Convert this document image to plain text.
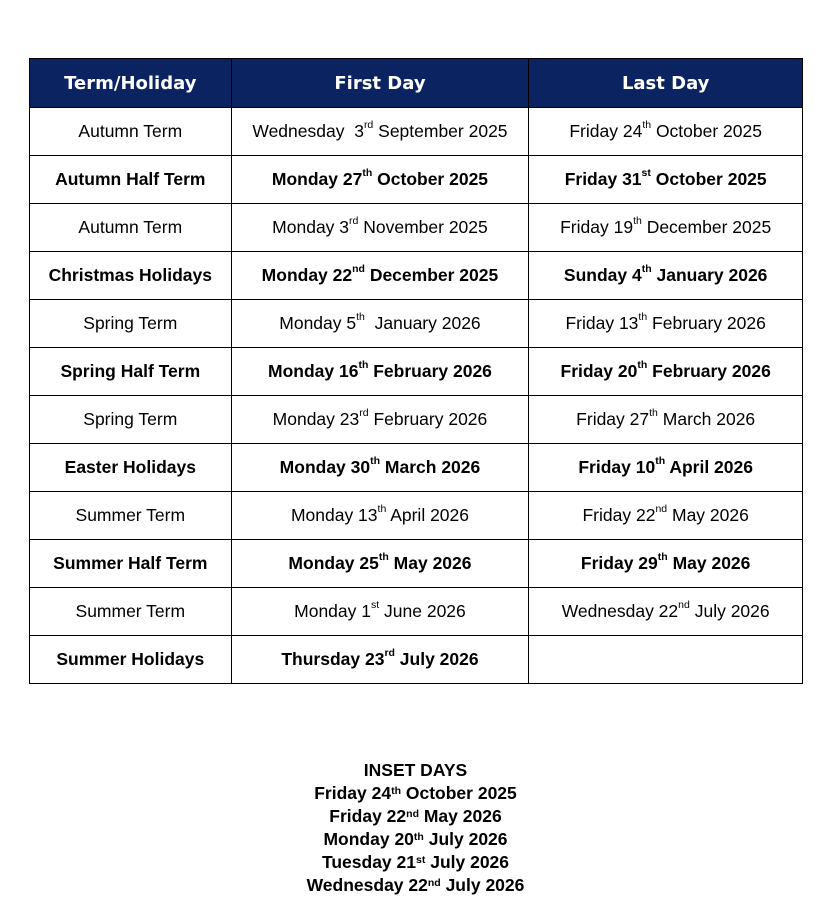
Term/Holiday	First Day	Last Day
Autumn Term	Wednesday  3rd September 2025	Friday 24th October 2025
Autumn Half Term	Monday 27th October 2025	Friday 31st October 2025
Autumn Term	Monday 3rd November 2025	Friday 19th December 2025
Christmas Holidays	Monday 22nd December 2025	Sunday 4th January 2026
Spring Term	Monday 5th  January 2026	Friday 13th February 2026
Spring Half Term	Monday 16th February 2026	Friday 20th February 2026
Spring Term	Monday 23rd February 2026	Friday 27th March 2026
Easter Holidays	Monday 30th March 2026	Friday 10th April 2026
Summer Term	Monday 13th April 2026	Friday 22nd May 2026
Summer Half Term	Monday 25th May 2026	Friday 29th May 2026
Summer Term	Monday 1st June 2026	Wednesday 22nd July 2026
Summer Holidays	Thursday 23rd July 2026	
INSET DAYS
Friday 24th October 2025
Friday 22nd May 2026
Monday 20th July 2026
Tuesday 21st July 2026
Wednesday 22nd July 2026
